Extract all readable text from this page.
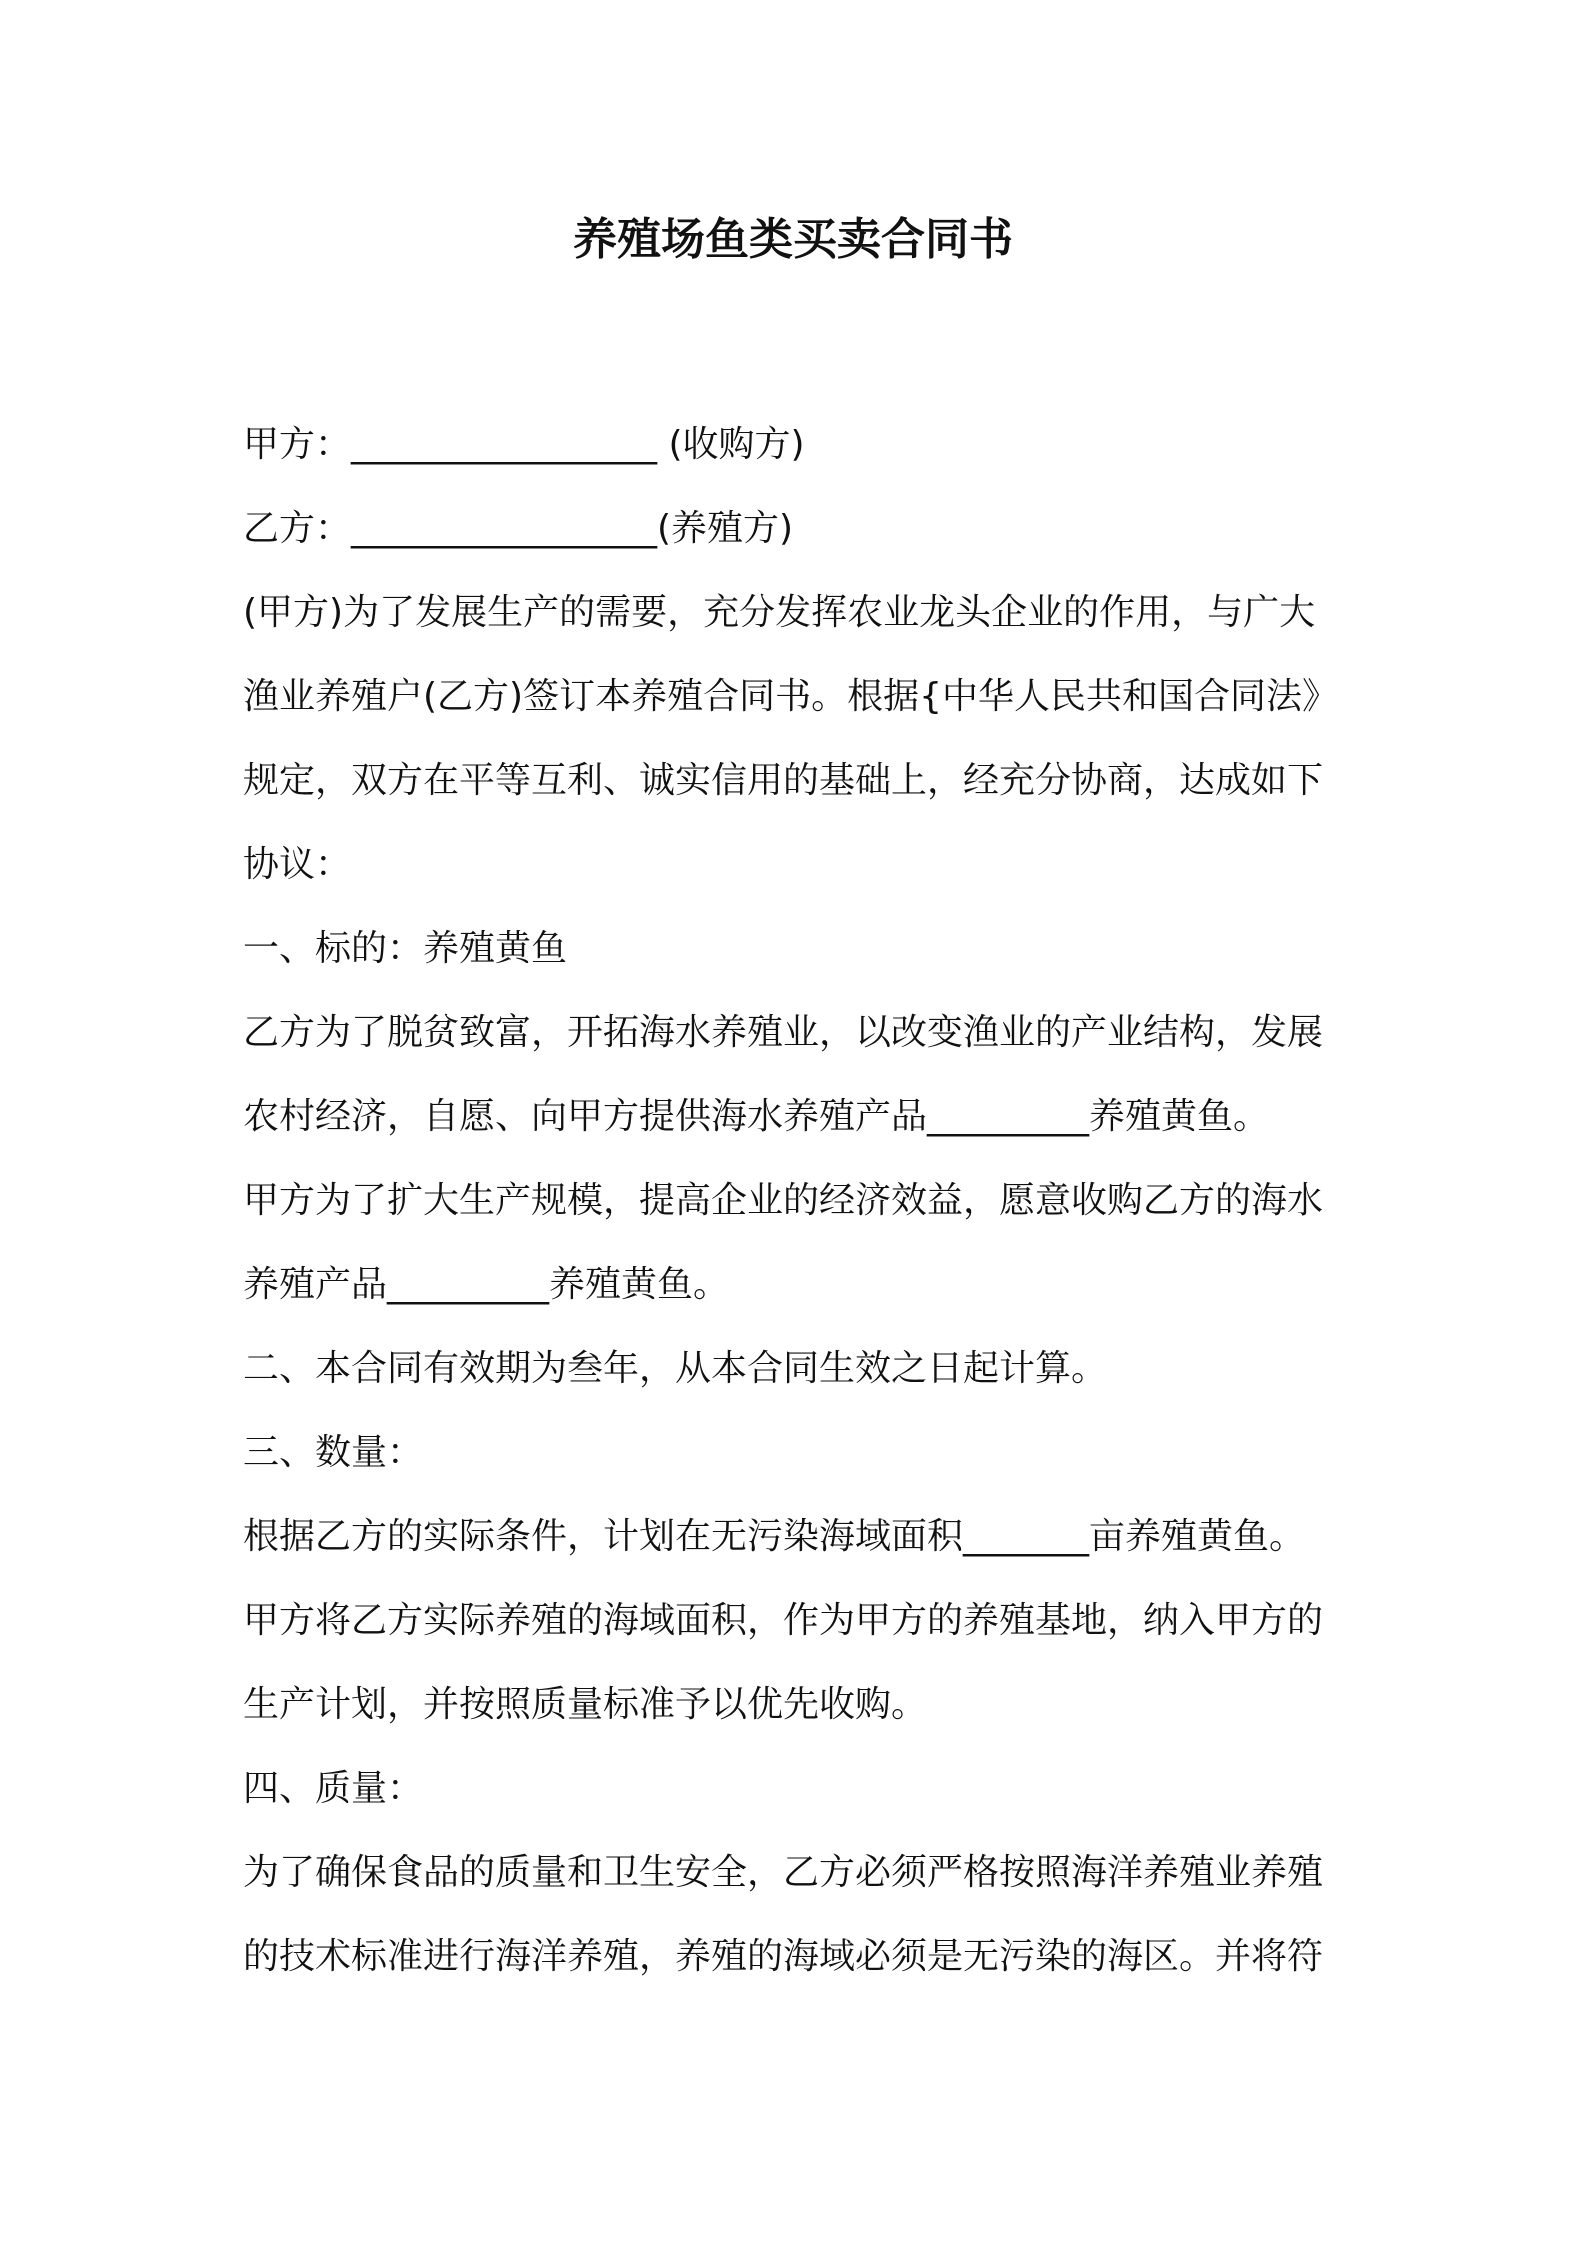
养殖场鱼类买卖合同书
甲方：_________________ (收购方)
乙方：_________________(养殖方)
(甲方)为了发展生产的需要，充分发挥农业龙头企业的作用，与广大
渔业养殖户(乙方)签订本养殖合同书。根据{中华人民共和国合同法》
规定，双方在平等互利、诚实信用的基础上，经充分协商，达成如下
协议：
一、标的：养殖黄鱼
乙方为了脱贫致富，开拓海水养殖业，以改变渔业的产业结构，发展
农村经济，自愿、向甲方提供海水养殖产品_________养殖黄鱼。
甲方为了扩大生产规模，提高企业的经济效益，愿意收购乙方的海水
养殖产品_________养殖黄鱼。
二、本合同有效期为叁年，从本合同生效之日起计算。
三、数量：
根据乙方的实际条件，计划在无污染海域面积_______亩养殖黄鱼。
甲方将乙方实际养殖的海域面积，作为甲方的养殖基地，纳入甲方的
生产计划，并按照质量标准予以优先收购。
四、质量：
为了确保食品的质量和卫生安全，乙方必须严格按照海洋养殖业养殖
的技术标准进行海洋养殖，养殖的海域必须是无污染的海区。并将符
